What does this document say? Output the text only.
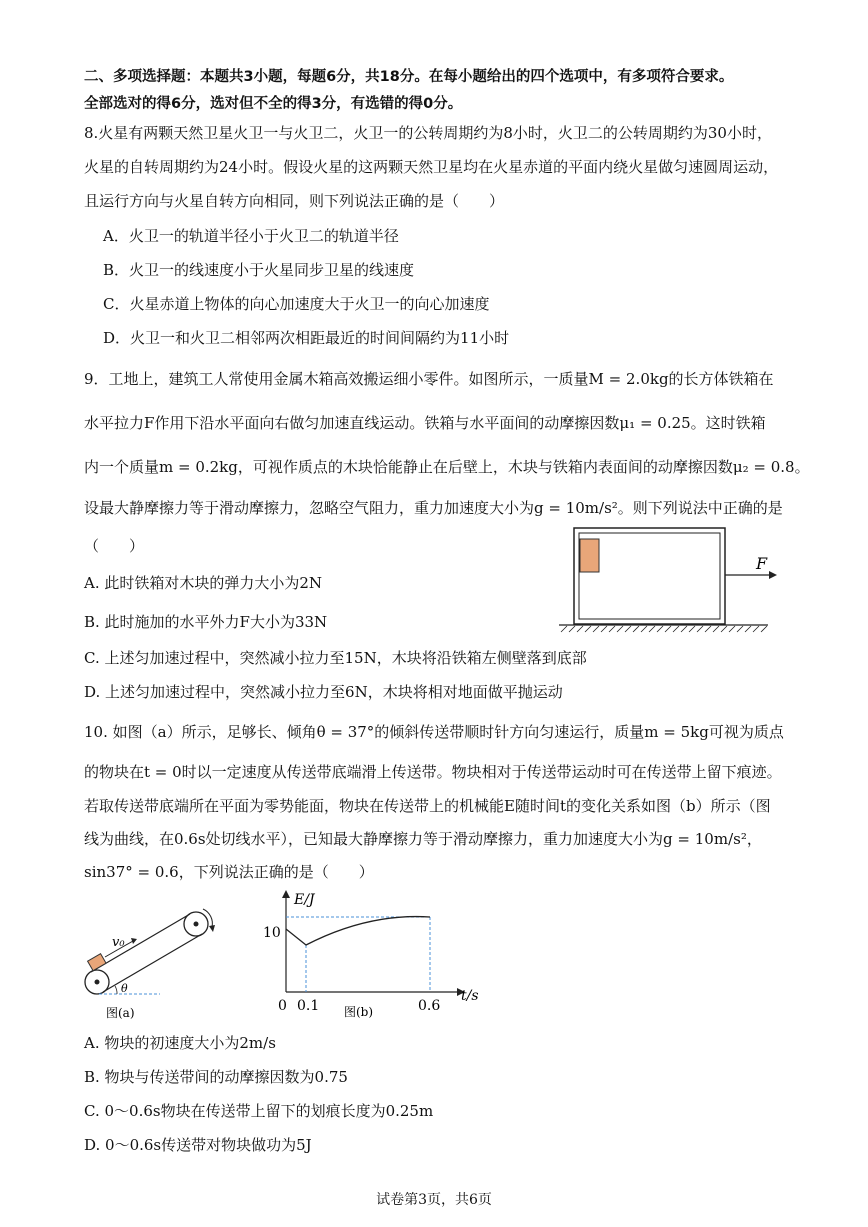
二、多项选择题：本题共3小题，每题6分，共18分。在每小题给出的四个选项中，有多项符合要求。
全部选对的得6分，选对但不全的得3分，有选错的得0分。
8.火星有两颗天然卫星火卫一与火卫二，火卫一的公转周期约为8小时，火卫二的公转周期约为30小时，
火星的自转周期约为24小时。假设火星的这两颗天然卫星均在火星赤道的平面内绕火星做匀速圆周运动，
且运行方向与火星自转方向相同，则下列说法正确的是（　　）
A．火卫一的轨道半径小于火卫二的轨道半径
B．火卫一的线速度小于火星同步卫星的线速度
C．火星赤道上物体的向心加速度大于火卫一的向心加速度
D．火卫一和火卫二相邻两次相距最近的时间间隔约为11小时
9．工地上，建筑工人常使用金属木箱高效搬运细小零件。如图所示，一质量M = 2.0kg的长方体铁箱在
水平拉力F作用下沿水平面向右做匀加速直线运动。铁箱与水平面间的动摩擦因数μ₁ = 0.25。这时铁箱
内一个质量m = 0.2kg，可视作质点的木块恰能静止在后壁上，木块与铁箱内表面间的动摩擦因数μ₂ = 0.8。
设最大静摩擦力等于滑动摩擦力，忽略空气阻力，重力加速度大小为g = 10m/s²。则下列说法中正确的是
（　　）
A. 此时铁箱对木块的弹力大小为2N
B. 此时施加的水平外力F大小为33N
C. 上述匀加速过程中，突然减小拉力至15N，木块将沿铁箱左侧壁落到底部
D. 上述匀加速过程中，突然减小拉力至6N，木块将相对地面做平抛运动
F
10. 如图（a）所示，足够长、倾角θ = 37°的倾斜传送带顺时针方向匀速运行，质量m = 5kg可视为质点
的物块在t = 0时以一定速度从传送带底端滑上传送带。物块相对于传送带运动时可在传送带上留下痕迹。
若取传送带底端所在平面为零势能面，物块在传送带上的机械能E随时间t的变化关系如图（b）所示（图
线为曲线，在0.6s处切线水平），已知最大静摩擦力等于滑动摩擦力，重力加速度大小为g = 10m/s²，
sin37° = 0.6，下列说法正确的是（　　）
v₀
θ
图(a)
E/J
t/s
10
0 0.1	0.6
图(b)
A. 物块的初速度大小为2m/s
B. 物块与传送带间的动摩擦因数为0.75
C. 0～0.6s物块在传送带上留下的划痕长度为0.25m
D. 0～0.6s传送带对物块做功为5J
试卷第3页，共6页
